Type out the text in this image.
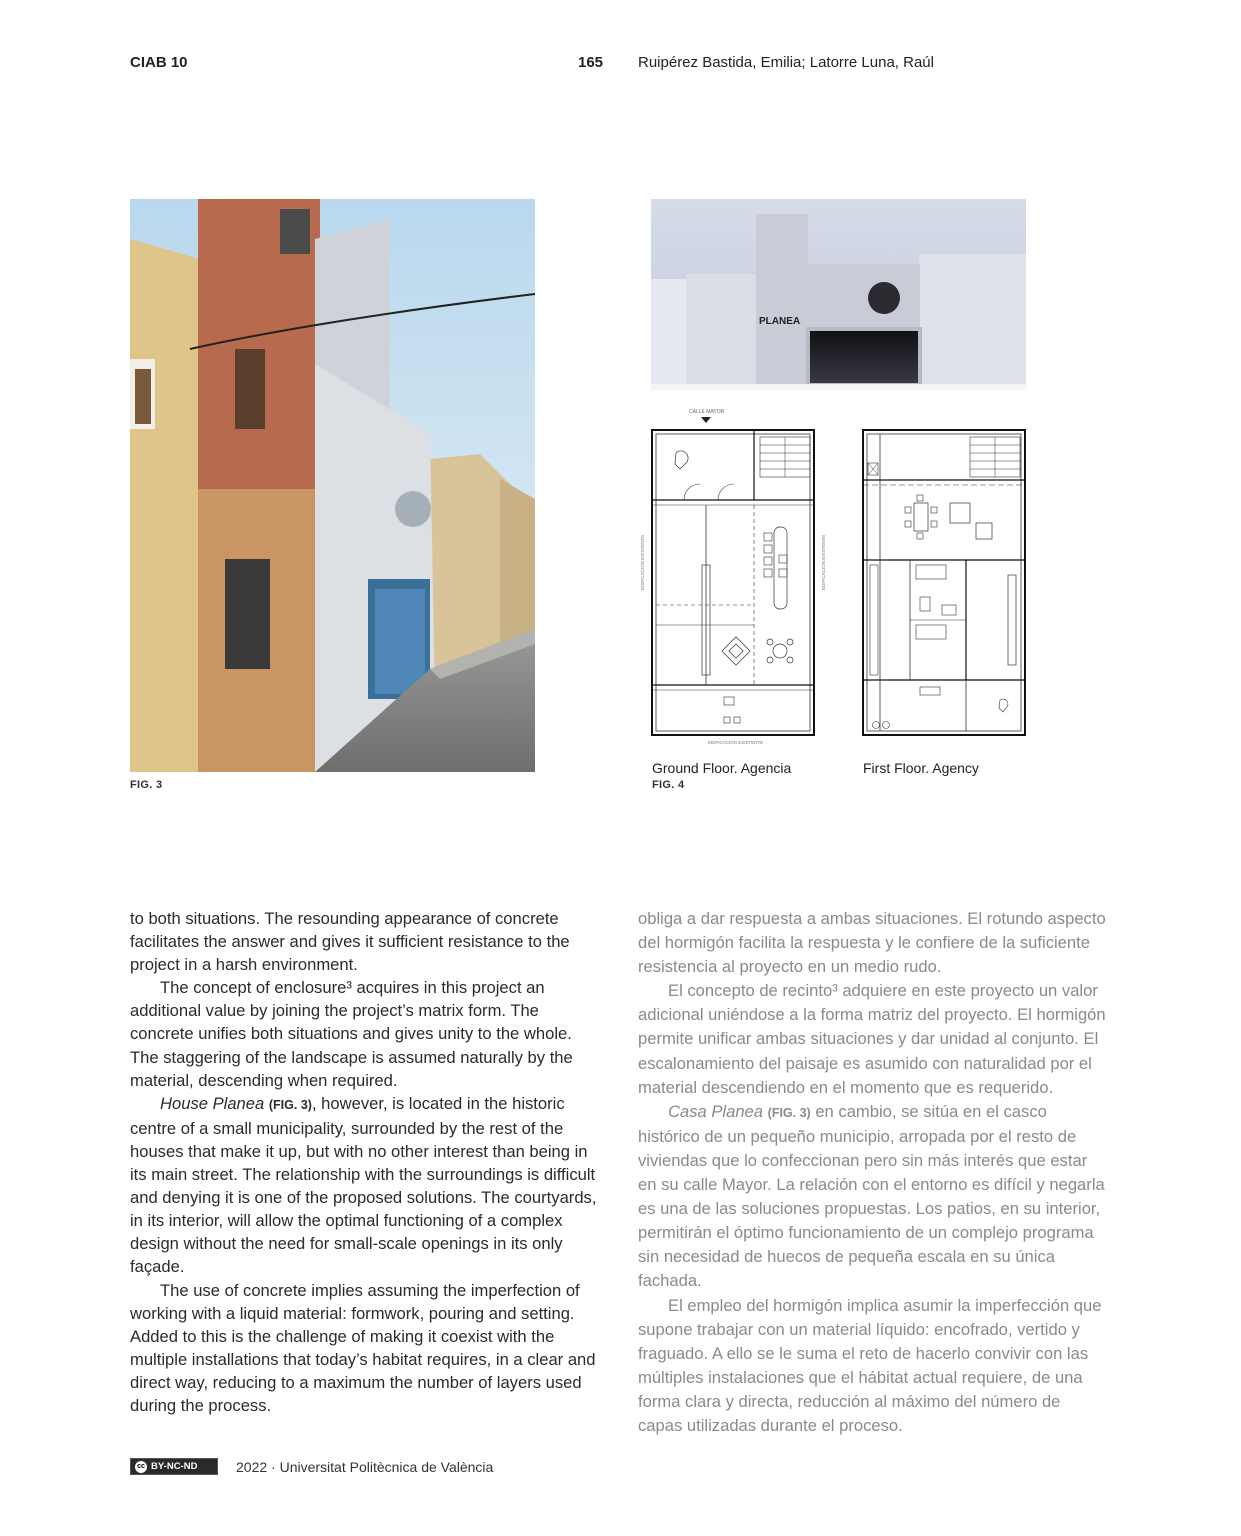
CIAB 10	165 Ruipérez Bastida, Emilia; Latorre Luna, Raúl
FIG. 3
PLANEA
CALLE MAYOR
EDIFICACIÓN EXISTENTE	EDIFICACIÓN EXISTENTE
EDIFICACIÓN EXISTENTE
Ground Floor. Agencia	First Floor. Agency
FIG. 4

to both situations. The resounding appearance of concrete facilitates the answer and gives it sufficient resistance to the project in a harsh environment.

The concept of enclosure³ acquires in this project an additional value by joining the project’s matrix form. The concrete unifies both situations and gives unity to the whole. The staggering of the landscape is assumed naturally by the material, descending when required.

House Planea (FIG. 3), however, is located in the historic centre of a small municipality, surrounded by the rest of the houses that make it up, but with no other interest than being in its main street. The relationship with the surroundings is difficult and denying it is one of the proposed solutions. The courtyards, in its interior, will allow the optimal functioning of a complex design without the need for small-scale openings in its only façade.

The use of concrete implies assuming the imperfection of working with a liquid material: formwork, pouring and setting. Added to this is the challenge of making it coexist with the multiple installations that today’s habitat requires, in a clear and direct way, reducing to a maximum the number of layers used during the process.

obliga a dar respuesta a ambas situaciones. El rotundo aspecto del hormigón facilita la respuesta y le confiere de la suficiente resistencia al proyecto en un medio rudo.

El concepto de recinto³ adquiere en este proyecto un valor adicional uniéndose a la forma matriz del proyecto. El hormigón permite unificar ambas situaciones y dar unidad al conjunto. El escalonamiento del paisaje es asumido con naturalidad por el material descendiendo en el momento que es requerido.

Casa Planea (FIG. 3) en cambio, se sitúa en el casco histórico de un pequeño municipio, arropada por el resto de viviendas que lo confeccionan pero sin más interés que estar en su calle Mayor. La relación con el entorno es difícil y negarla es una de las soluciones propuestas. Los patios, en su interior, permitirán el óptimo funcionamiento de un complejo programa sin necesidad de huecos de pequeña escala en su única fachada.

El empleo del hormigón implica asumir la imperfección que supone trabajar con un material líquido: encofrado, vertido y fraguado. A ello se le suma el reto de hacerlo convivir con las múltiples instalaciones que el hábitat actual requiere, de una forma clara y directa, reducción al máximo del número de capas utilizadas durante el proceso.

cc BY-NC-ND	2022 · Universitat Politècnica de València
